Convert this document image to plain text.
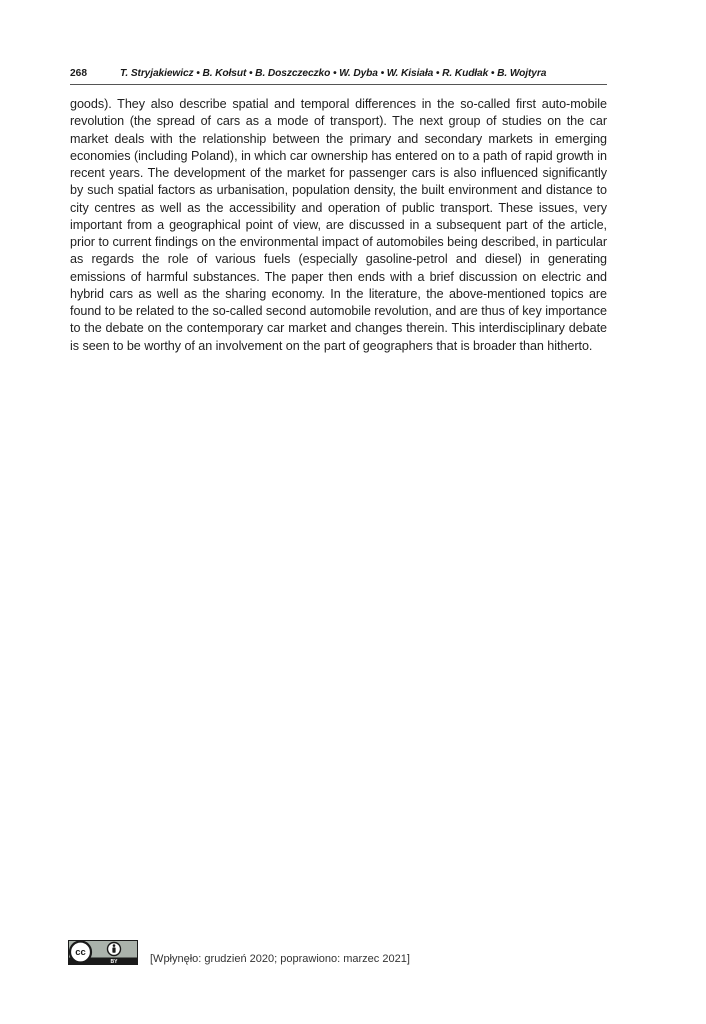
268	T. Stryjakiewicz • B. Kołsut • B. Doszczeczko • W. Dyba • W. Kisiała • R. Kudłak • B. Wojtyra

goods). They also describe spatial and temporal differences in the so-called first auto-mobile revolution (the spread of cars as a mode of transport). The next group of studies on the car market deals with the relationship between the primary and secondary markets in emerging economies (including Poland), in which car ownership has entered on to a path of rapid growth in recent years. The development of the market for passenger cars is also influenced significantly by such spatial factors as urbanisation, population density, the built environment and distance to city centres as well as the accessibility and operation of public transport. These issues, very important from a geographical point of view, are discussed in a subsequent part of the article, prior to current findings on the environmental impact of automobiles being described, in particular as regards the role of various fuels (especially gasoline-petrol and diesel) in generating emissions of harmful substances. The paper then ends with a brief discussion on electric and hybrid cars as well as the sharing economy. In the literature, the above-mentioned topics are found to be related to the so-called second automobile revolution, and are thus of key importance to the debate on the contemporary car market and changes therein. This interdisciplinary debate is seen to be worthy of an involvement on the part of geographers that is broader than hitherto.

cc
BY	[Wpłynęło: grudzień 2020; poprawiono: marzec 2021]
